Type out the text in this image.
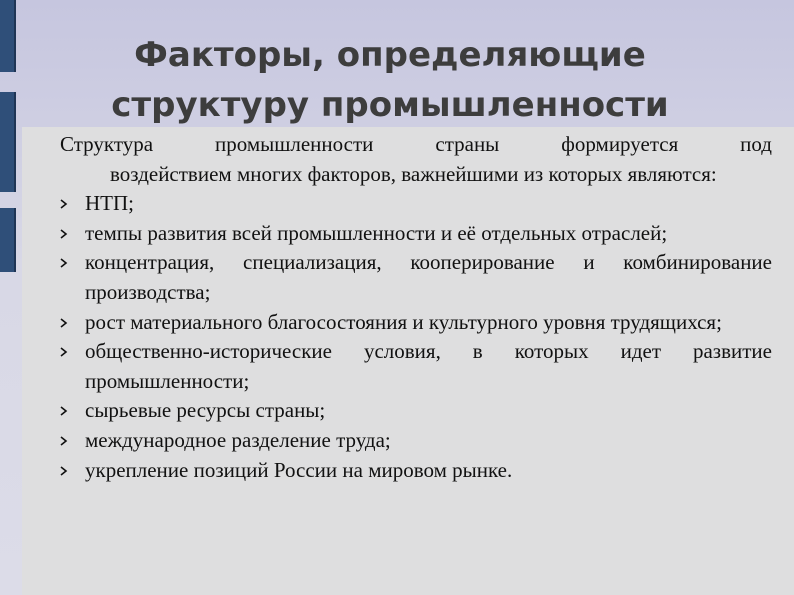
Факторы, определяющие
структуру промышленности

Структура промышленности страны формируется под
воздействием многих факторов, важнейшими из которых являются:

НТП;
темпы развития всей промышленности и её отдельных отраслей;
концентрация, специализация, кооперирование и комбинирование производства;
рост материального благосостояния и культурного уровня трудящихся;
общественно-исторические условия, в которых идет развитие промышленности;
сырьевые ресурсы страны;
международное разделение труда;
укрепление позиций России на мировом рынке.
